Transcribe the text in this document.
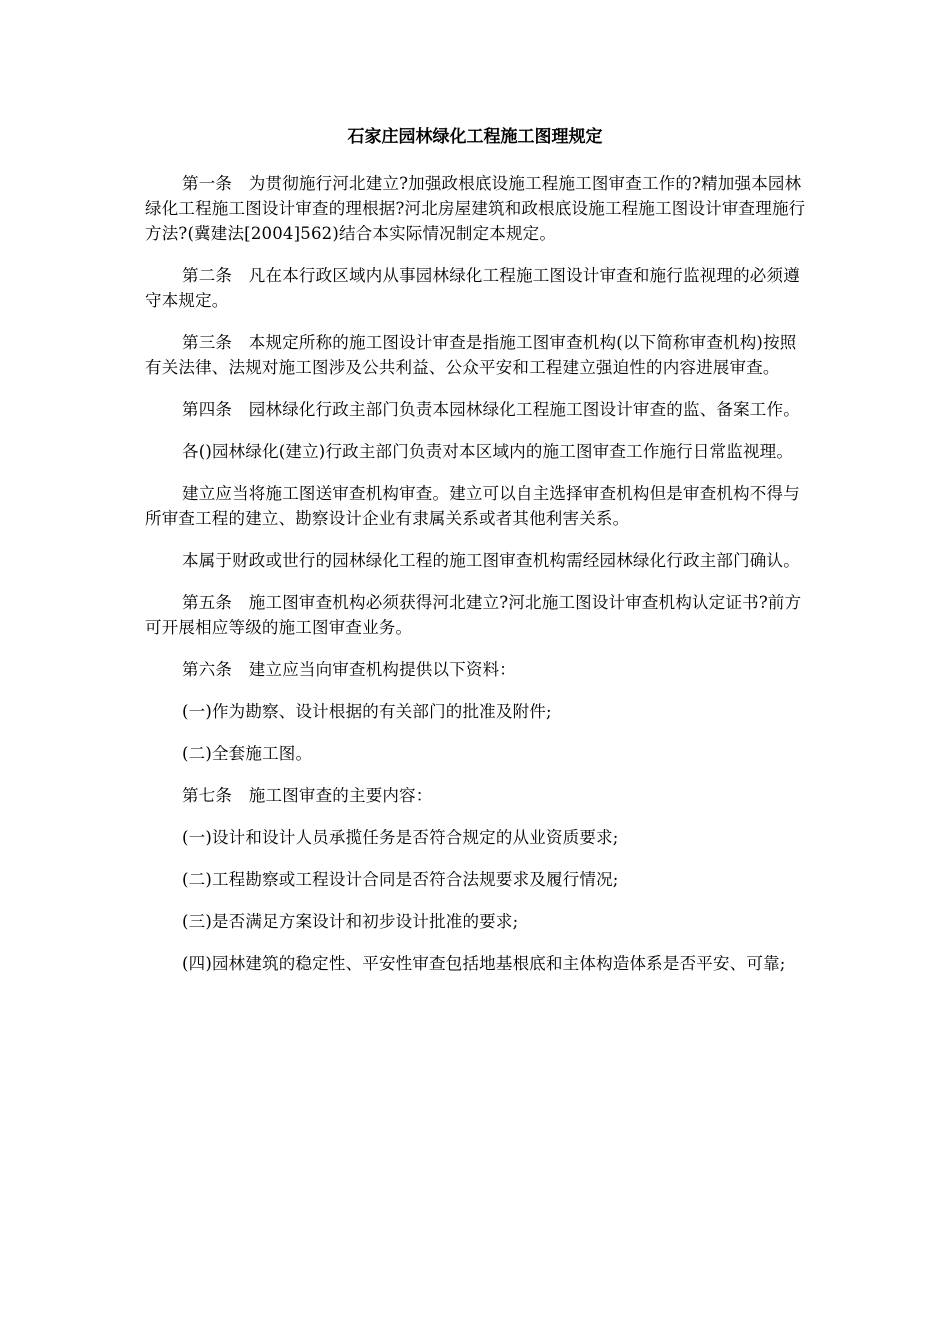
石家庄园林绿化工程施工图理规定

第一条　为贯彻施行河北建立?加强政根底设施工程施工图审查工作的?精加强本园林绿化工程施工图设计审查的理根据?河北房屋建筑和政根底设施工程施工图设计审查理施行方法?(冀建法[2004]562)结合本实际情况制定本规定。

第二条　凡在本行政区域内从事园林绿化工程施工图设计审查和施行监视理的必须遵守本规定。

第三条　本规定所称的施工图设计审查是指施工图审查机构(以下简称审查机构)按照有关法律、法规对施工图涉及公共利益、公众平安和工程建立强迫性的内容进展审查。

第四条　园林绿化行政主部门负责本园林绿化工程施工图设计审查的监、备案工作。

各()园林绿化(建立)行政主部门负责对本区域内的施工图审查工作施行日常监视理。

建立应当将施工图送审查机构审查。建立可以自主选择审查机构但是审查机构不得与所审查工程的建立、勘察设计企业有隶属关系或者其他利害关系。

本属于财政或世行的园林绿化工程的施工图审查机构需经园林绿化行政主部门确认。

第五条　施工图审查机构必须获得河北建立?河北施工图设计审查机构认定证书?前方可开展相应等级的施工图审查业务。

第六条　建立应当向审查机构提供以下资料：

(一)作为勘察、设计根据的有关部门的批准及附件;

(二)全套施工图。

第七条　施工图审查的主要内容：

(一)设计和设计人员承揽任务是否符合规定的从业资质要求;

(二)工程勘察或工程设计合同是否符合法规要求及履行情况;

(三)是否满足方案设计和初步设计批准的要求;

(四)园林建筑的稳定性、平安性审查包括地基根底和主体构造体系是否平安、可靠;
